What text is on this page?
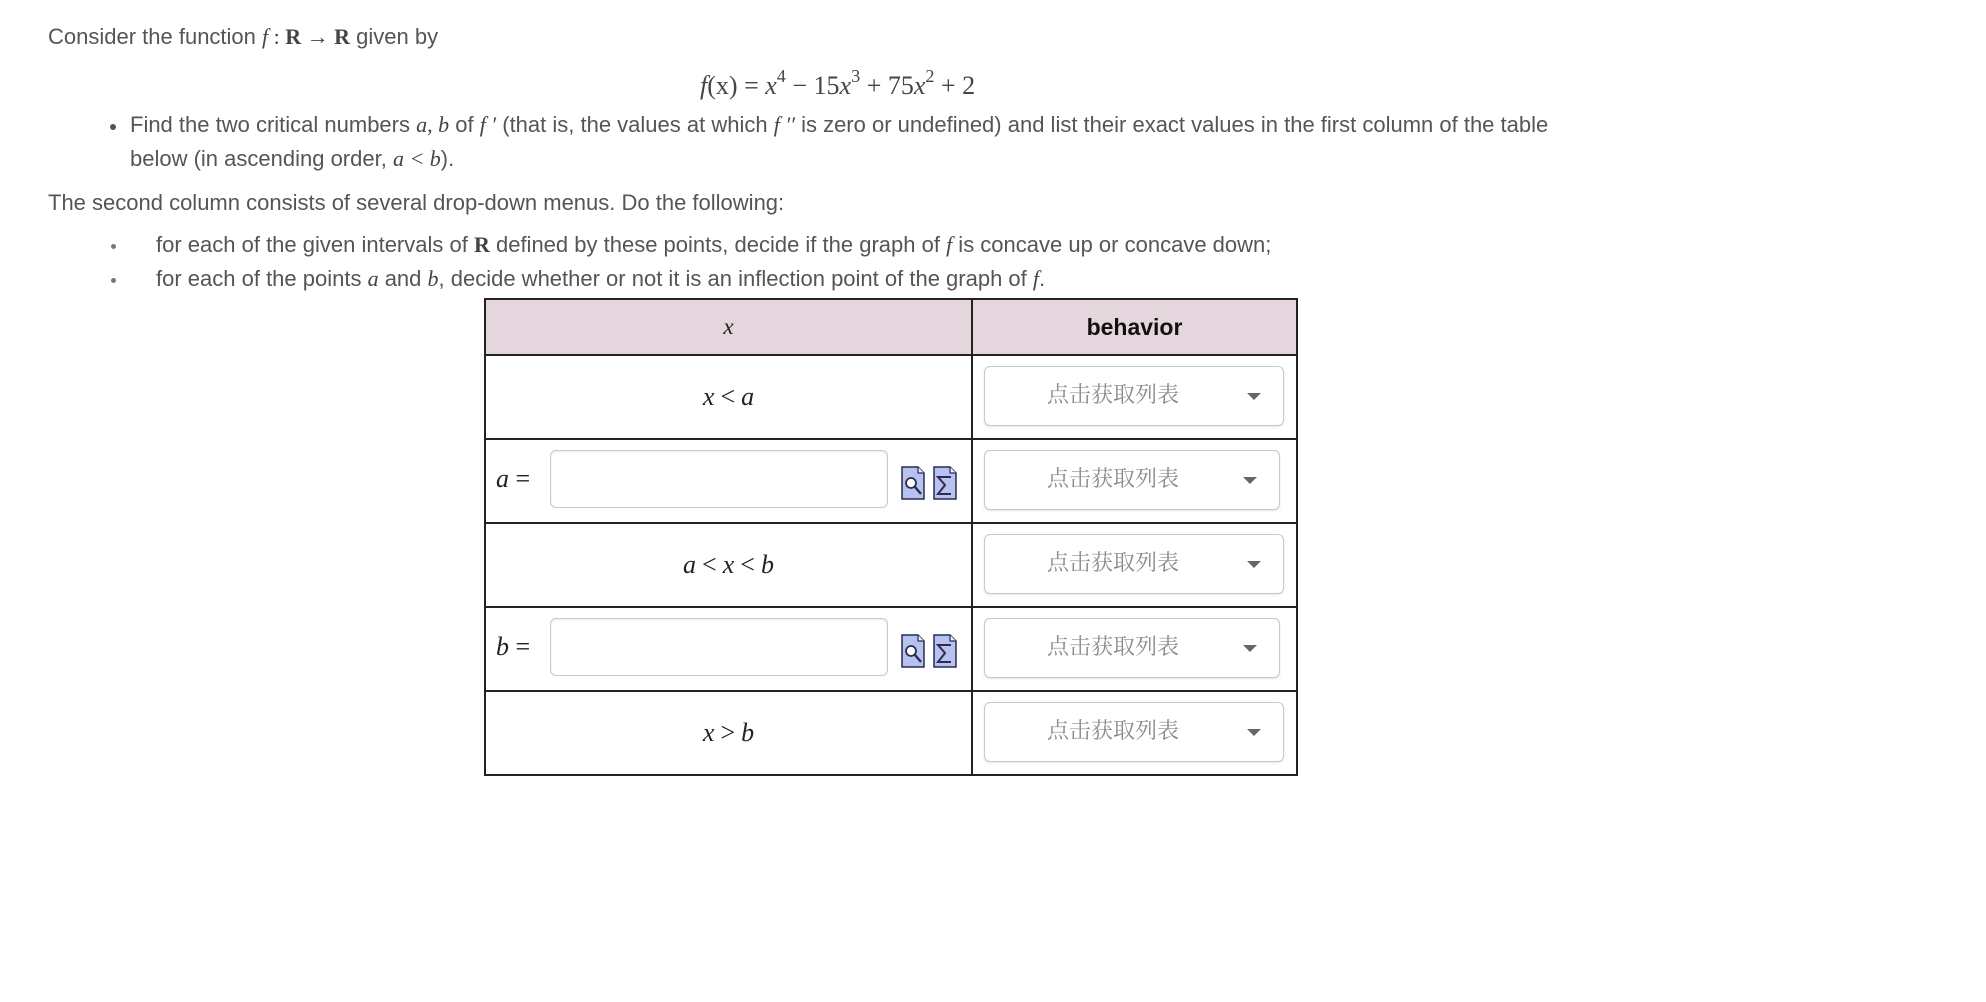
Consider the function f : R → R given by
$f(x) = x^4 - 15x^3 + 75x^2 + 2$
Find the two critical numbers a, b of f ′ (that is, the values at which f ′′ is zero or undefined) and list their exact values in the first column of the table
below (in ascending order, a < b).
The second column consists of several drop-down menus. Do the following:
for each of the given intervals of R defined by these points, decide if the graph of f is concave up or concave down;
for each of the points a and b, decide whether or not it is an inflection point of the graph of f.
x	behavior
x < a	点击获取列表

a =	点击获取列表

a < x < b	点击获取列表

b =	点击获取列表

x > b	点击获取列表
